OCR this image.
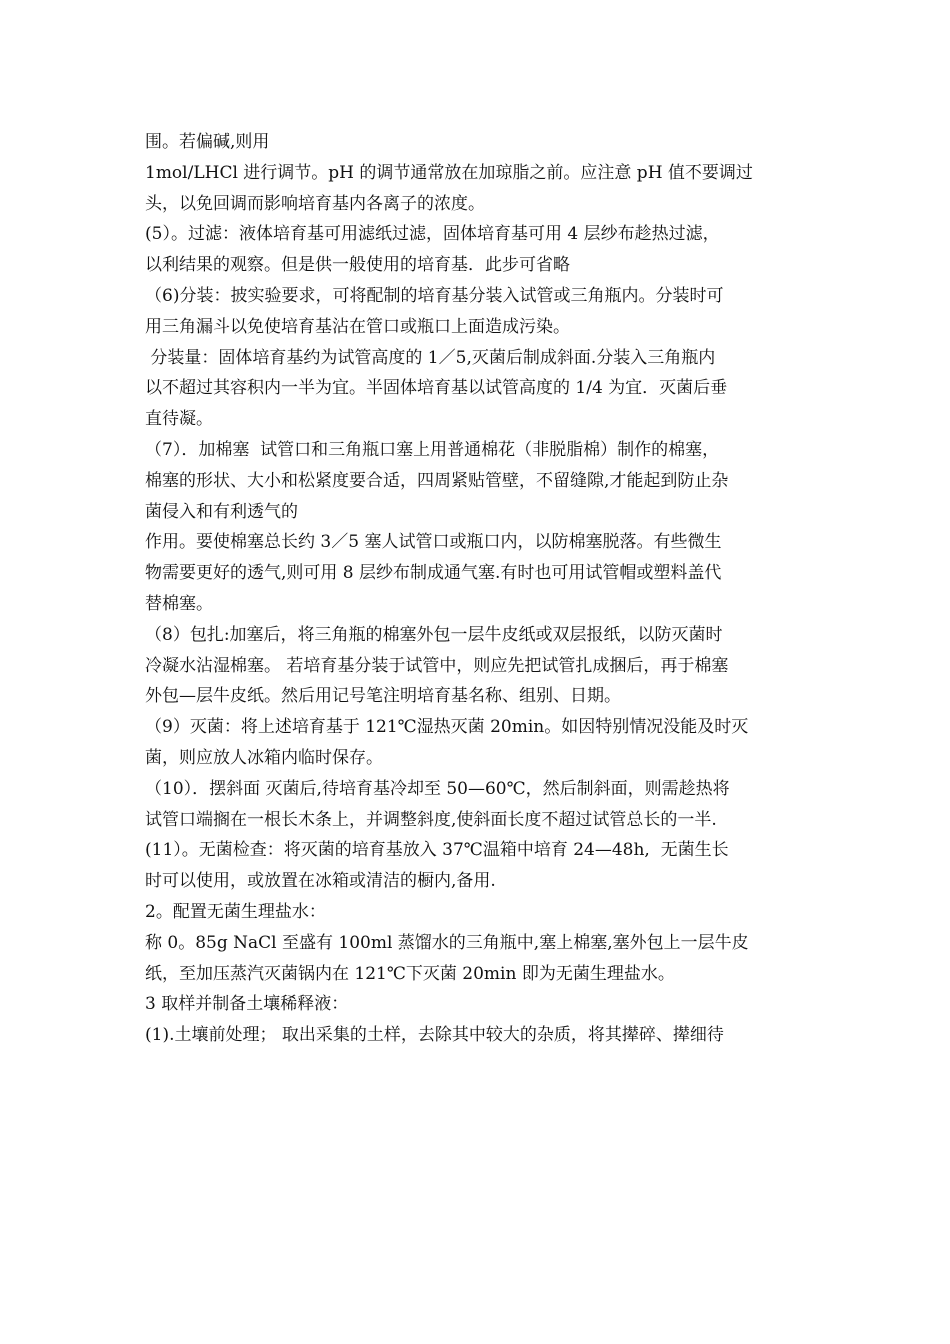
围。若偏碱,则用
1mol/LHCl 进行调节。pH 的调节通常放在加琼脂之前。应注意 pH 值不要调过
头，以免回调而影响培育基内各离子的浓度。
(5）。过滤：液体培育基可用滤纸过滤，固体培育基可用 4 层纱布趁热过滤，
以利结果的观察。但是供一般使用的培育基．此步可省略
（6)分装：披实验要求，可将配制的培育基分装入试管或三角瓶内。分装时可
用三角漏斗以免使培育基沾在管口或瓶口上面造成污染。
分装量：固体培育基约为试管高度的 1／5,灭菌后制成斜面.分装入三角瓶内
以不超过其容积内一半为宜。半固体培育基以试管高度的 1/4 为宜．灭菌后垂
直待凝。
（7）．加棉塞  试管口和三角瓶口塞上用普通棉花（非脱脂棉）制作的棉塞，
棉塞的形状、大小和松紧度要合适，四周紧贴管壁，不留缝隙,才能起到防止杂
菌侵入和有利透气的
作用。要使棉塞总长约 3／5 塞人试管口或瓶口内，以防棉塞脱落。有些微生
物需要更好的透气,则可用 8 层纱布制成通气塞.有时也可用试管帽或塑料盖代
替棉塞。
（8）包扎:加塞后，将三角瓶的棉塞外包一层牛皮纸或双层报纸，以防灭菌时
冷凝水沾湿棉塞。 若培育基分装于试管中，则应先把试管扎成捆后，再于棉塞
外包—层牛皮纸。然后用记号笔注明培育基名称、组别、日期。
（9）灭菌：将上述培育基于 121℃湿热灭菌 20min。如因特别情况没能及时灭
菌，则应放人冰箱内临时保存。
（10）．摆斜面 灭菌后,待培育基冷却至 50—60℃，然后制斜面，则需趁热将
试管口端搁在一根长木条上，并调整斜度,使斜面长度不超过试管总长的一半.
(11）。无菌检查：将灭菌的培育基放入 37℃温箱中培育 24—48h,  无菌生长
时可以使用，或放置在冰箱或清洁的橱内,备用.
2。配置无菌生理盐水：
称 0。85g NaCl 至盛有 100ml 蒸馏水的三角瓶中,塞上棉塞,塞外包上一层牛皮
纸，至加压蒸汽灭菌锅内在 121℃下灭菌 20min 即为无菌生理盐水。
3 取样并制备土壤稀释液：
(1).土壤前处理； 取出采集的土样，去除其中较大的杂质，将其撵碎、撵细待
